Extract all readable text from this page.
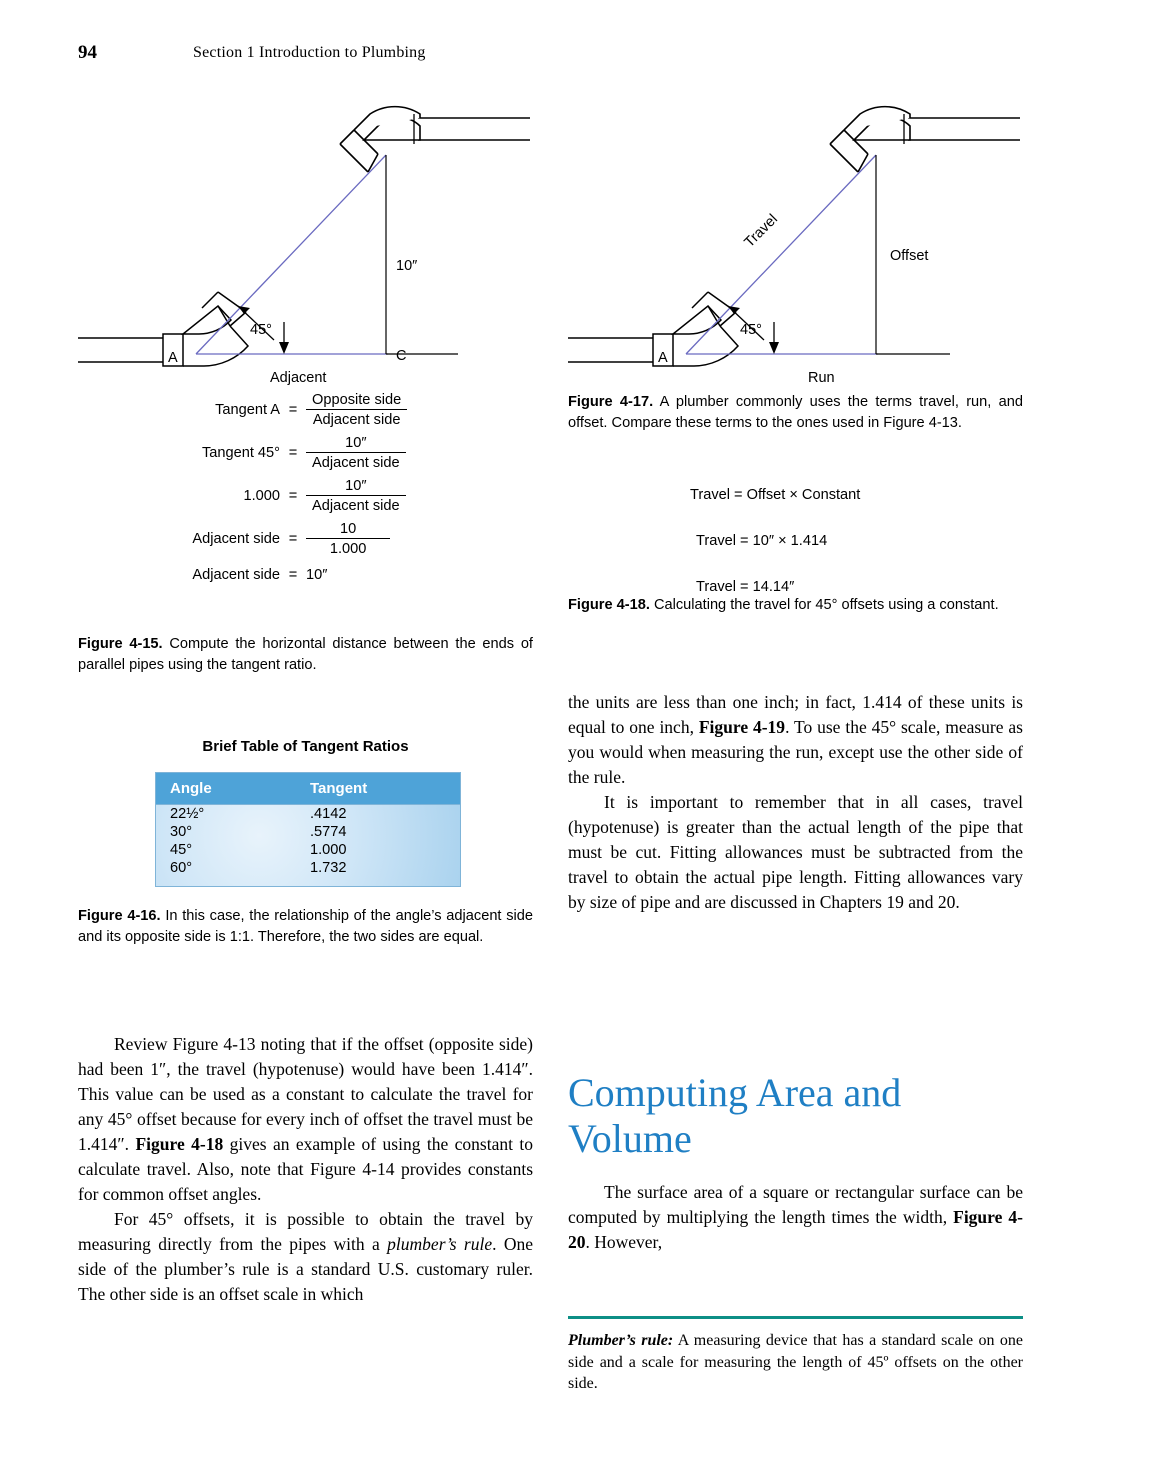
94	Section 1 Introduction to Plumbing
10″
45°
A	C
Adjacent
Tangent $A = \frac{\text{Opposite side}}{\text{Adjacent side}}$
Tangent $45^\circ = \frac{10''}{\text{Adjacent side}}$
$1.000 = \frac{10''}{\text{Adjacent side}}$
Adjacent side = $\frac{10}{1.000}$
Adjacent side = 10″
Figure 4-15. Compute the horizontal distance between the ends of parallel pipes using the tangent ratio.
Brief Table of Tangent Ratios
Angle	Tangent
22½°	.4142
30°	.5774
45°	1.000
60°	1.732
Figure 4-16. In this case, the relationship of the angle’s adjacent side and its opposite side is 1:1. Therefore, the two sides are equal.

Review Figure 4-13 noting that if the offset (opposite side) had been 1″, the travel (hypotenuse) would have been 1.414″. This value can be used as a constant to calculate the travel for any 45° offset because for every inch of offset the travel must be 1.414″. Figure 4-18 gives an example of using the constant to calculate travel. Also, note that Figure 4-14 provides constants for common offset angles.

For 45° offsets, it is possible to obtain the travel by measuring directly from the pipes with a plumber’s rule. One side of the plumber’s rule is a standard U.S. customary ruler. The other side is an offset scale in which

Travel
Offset
45°
A
Run
Figure 4-17. A plumber commonly uses the terms travel, run, and offset. Compare these terms to the ones used in Figure 4-13.
Travel = Offset × Constant
Travel = 10″ × 1.414
Travel = 14.14″
Figure 4-18. Calculating the travel for 45° offsets using a constant.

the units are less than one inch; in fact, 1.414 of these units is equal to one inch, Figure 4-19. To use the 45° scale, measure as you would when measuring the run, except use the other side of the rule.

It is important to remember that in all cases, travel (hypotenuse) is greater than the actual length of the pipe that must be cut. Fitting allowances must be subtracted from the travel to obtain the actual pipe length. Fitting allowances vary by size of pipe and are discussed in Chapters 19 and 20.

Computing Area and Volume

The surface area of a square or rectangular surface can be computed by multiplying the length times the width, Figure 4-20. However,

Plumber’s rule: A measuring device that has a standard scale on one side and a scale for measuring the length of 45º offsets on the other side.
